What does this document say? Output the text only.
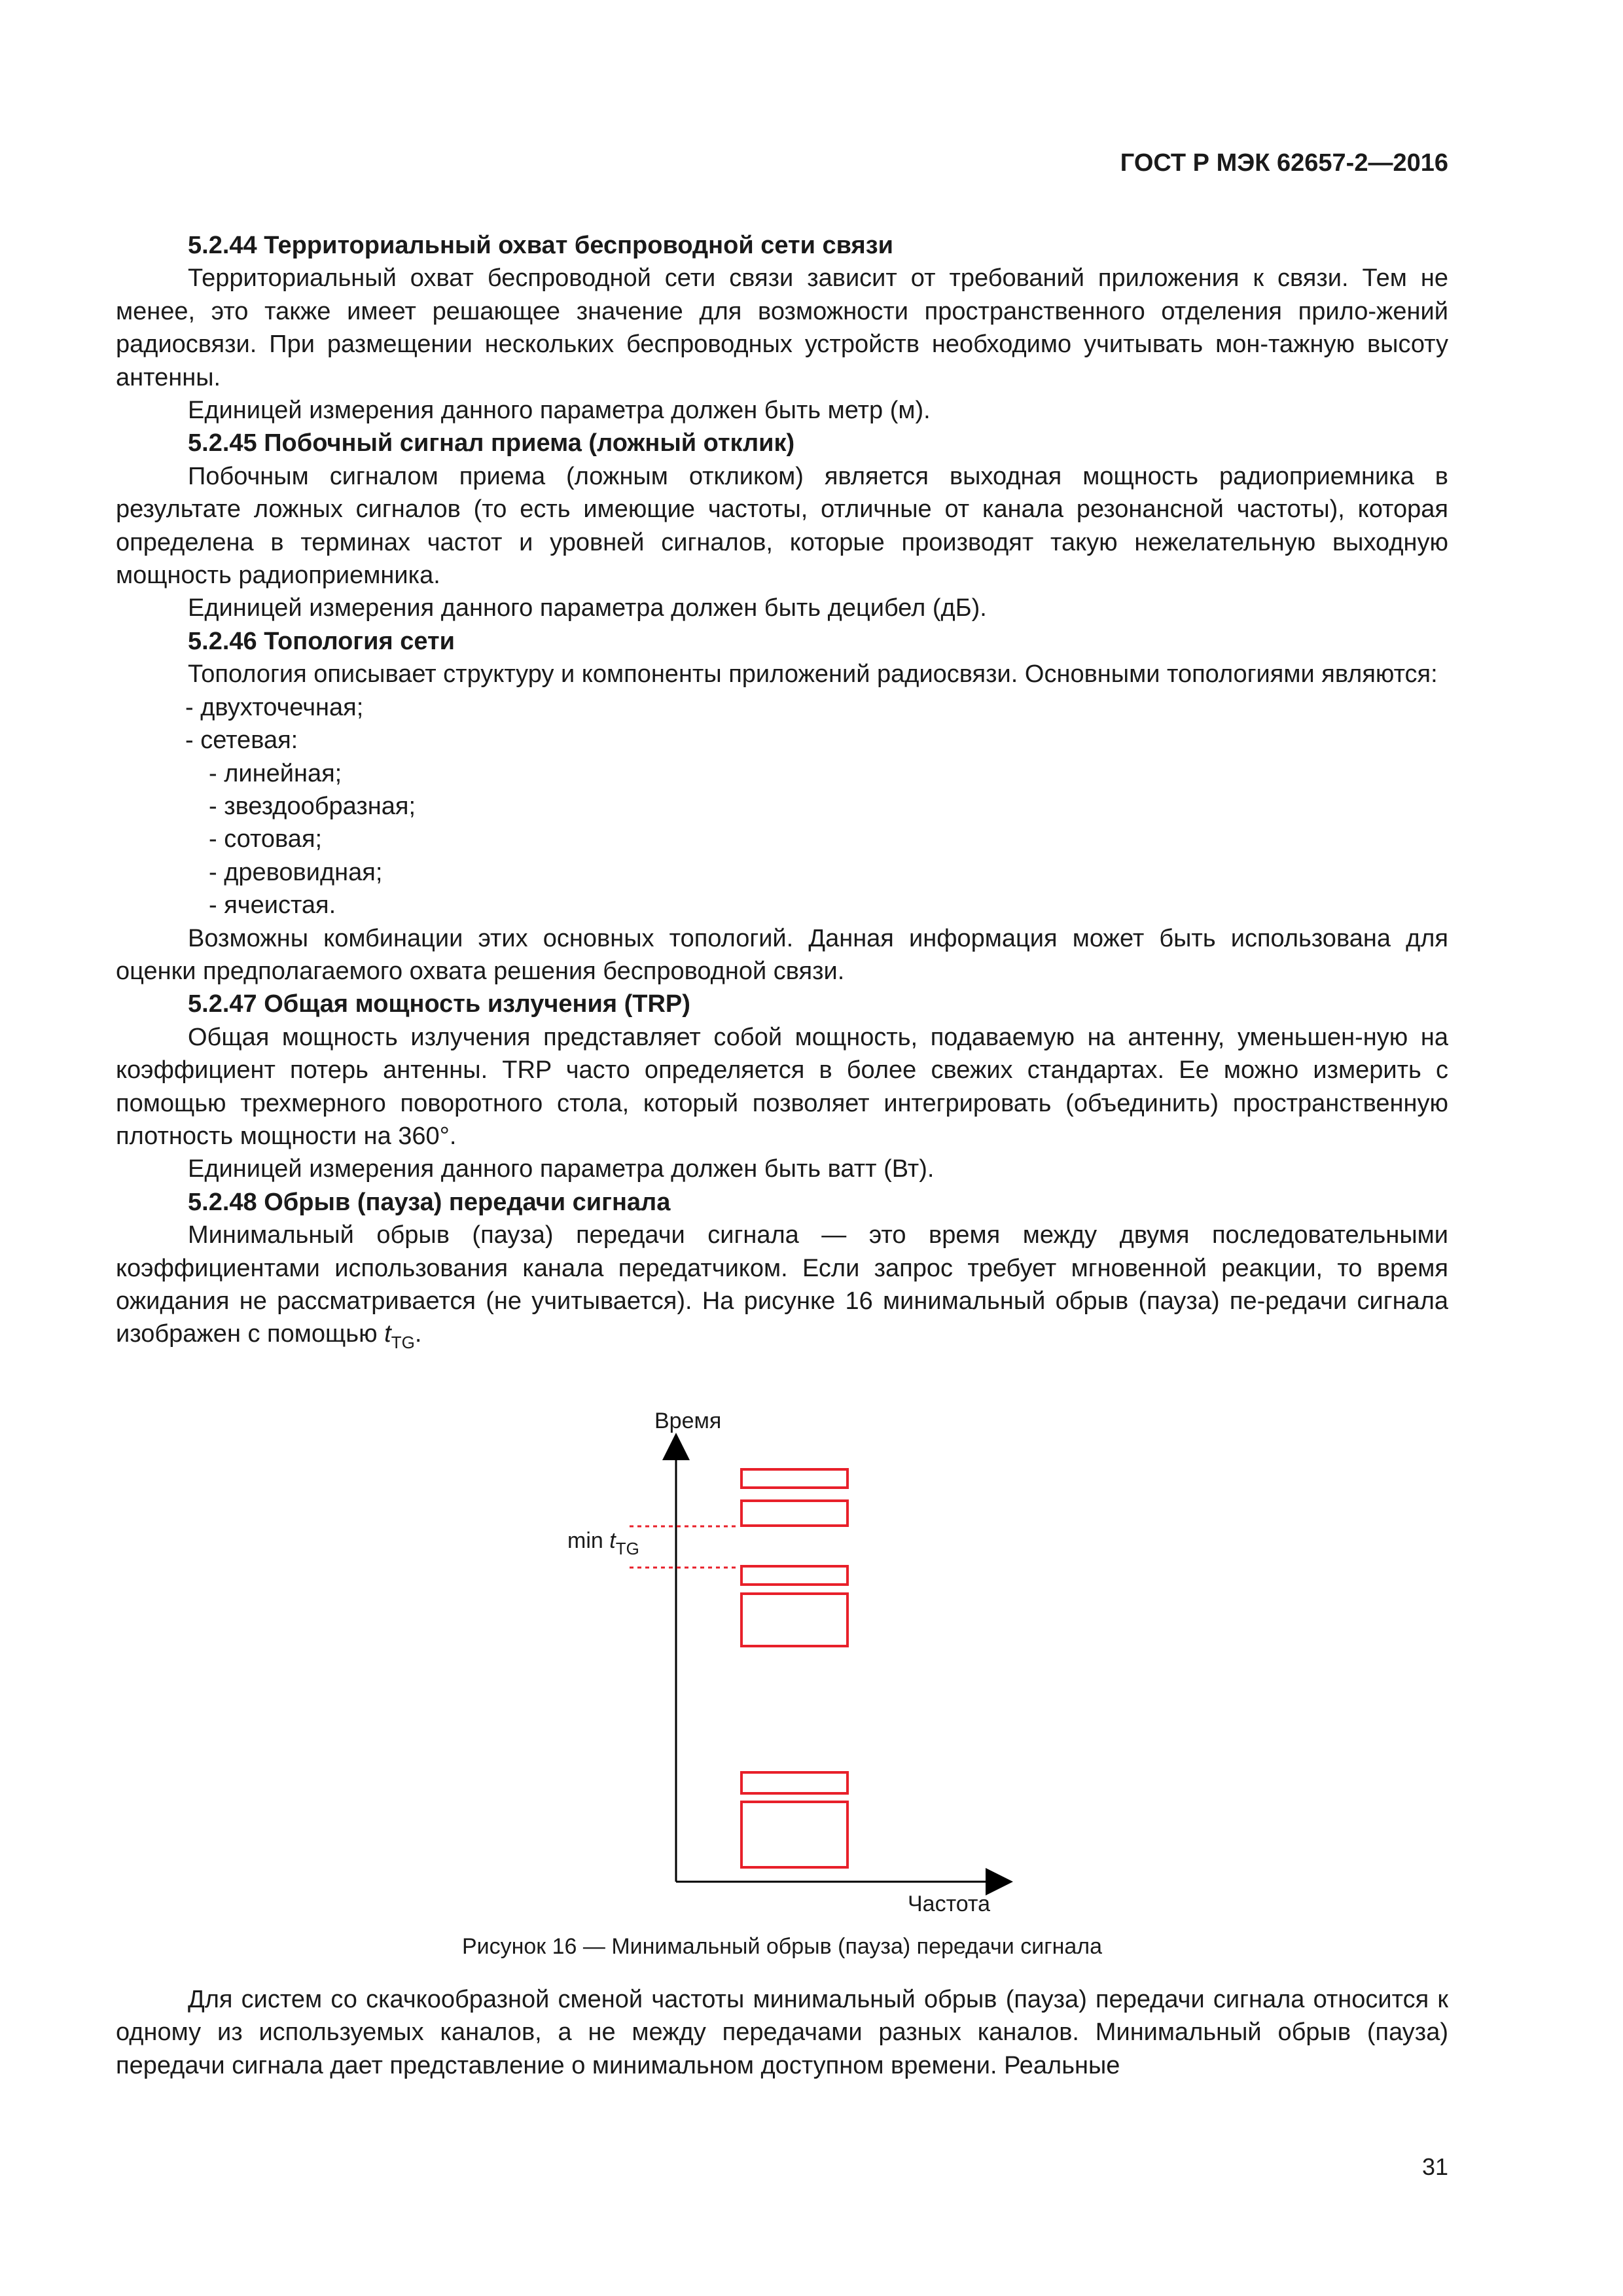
ГОСТ Р МЭК 62657-2—2016

5.2.44 Территориальный охват беспроводной сети связи

Территориальный охват беспроводной сети связи зависит от требований приложения к связи. Тем не менее, это также имеет решающее значение для возможности пространственного отделения прило-жений радиосвязи. При размещении нескольких беспроводных устройств необходимо учитывать мон-тажную высоту антенны.

Единицей измерения данного параметра должен быть метр (м).

5.2.45 Побочный сигнал приема (ложный отклик)

Побочным сигналом приема (ложным откликом) является выходная мощность радиоприемника в результате ложных сигналов (то есть имеющие частоты, отличные от канала резонансной частоты), которая определена в терминах частот и уровней сигналов, которые производят такую нежелательную выходную мощность радиоприемника.

Единицей измерения данного параметра должен быть децибел (дБ).

5.2.46 Топология сети

Топология описывает структуру и компоненты приложений радиосвязи. Основными топологиями являются:

- двухточечная;

- сетевая:

- линейная;

- звездообразная;

- сотовая;

- древовидная;

- ячеистая.

Возможны комбинации этих основных топологий. Данная информация может быть использована для оценки предполагаемого охвата решения беспроводной связи.

5.2.47 Общая мощность излучения (TRP)

Общая мощность излучения представляет собой мощность, подаваемую на антенну, уменьшен-ную на коэффициент потерь антенны. TRP часто определяется в более свежих стандартах. Ее можно измерить с помощью трехмерного поворотного стола, который позволяет интегрировать (объединить) пространственную плотность мощности на 360°.

Единицей измерения данного параметра должен быть ватт (Вт).

5.2.48 Обрыв (пауза) передачи сигнала

Минимальный обрыв (пауза) передачи сигнала — это время между двумя последовательными коэффициентами использования канала передатчиком. Если запрос требует мгновенной реакции, то время ожидания не рассматривается (не учитывается). На рисунке 16 минимальный обрыв (пауза) пе-редачи сигнала изображен с помощью $t_{TG}$.

Время
Частота
$\min t_{TG}$
Рисунок 16 — Минимальный обрыв (пауза) передачи сигнала

Для систем со скачкообразной сменой частоты минимальный обрыв (пауза) передачи сигнала относится к одному из используемых каналов, а не между передачами разных каналов. Минимальный обрыв (пауза) передачи сигнала дает представление о минимальном доступном времени. Реальные

31
